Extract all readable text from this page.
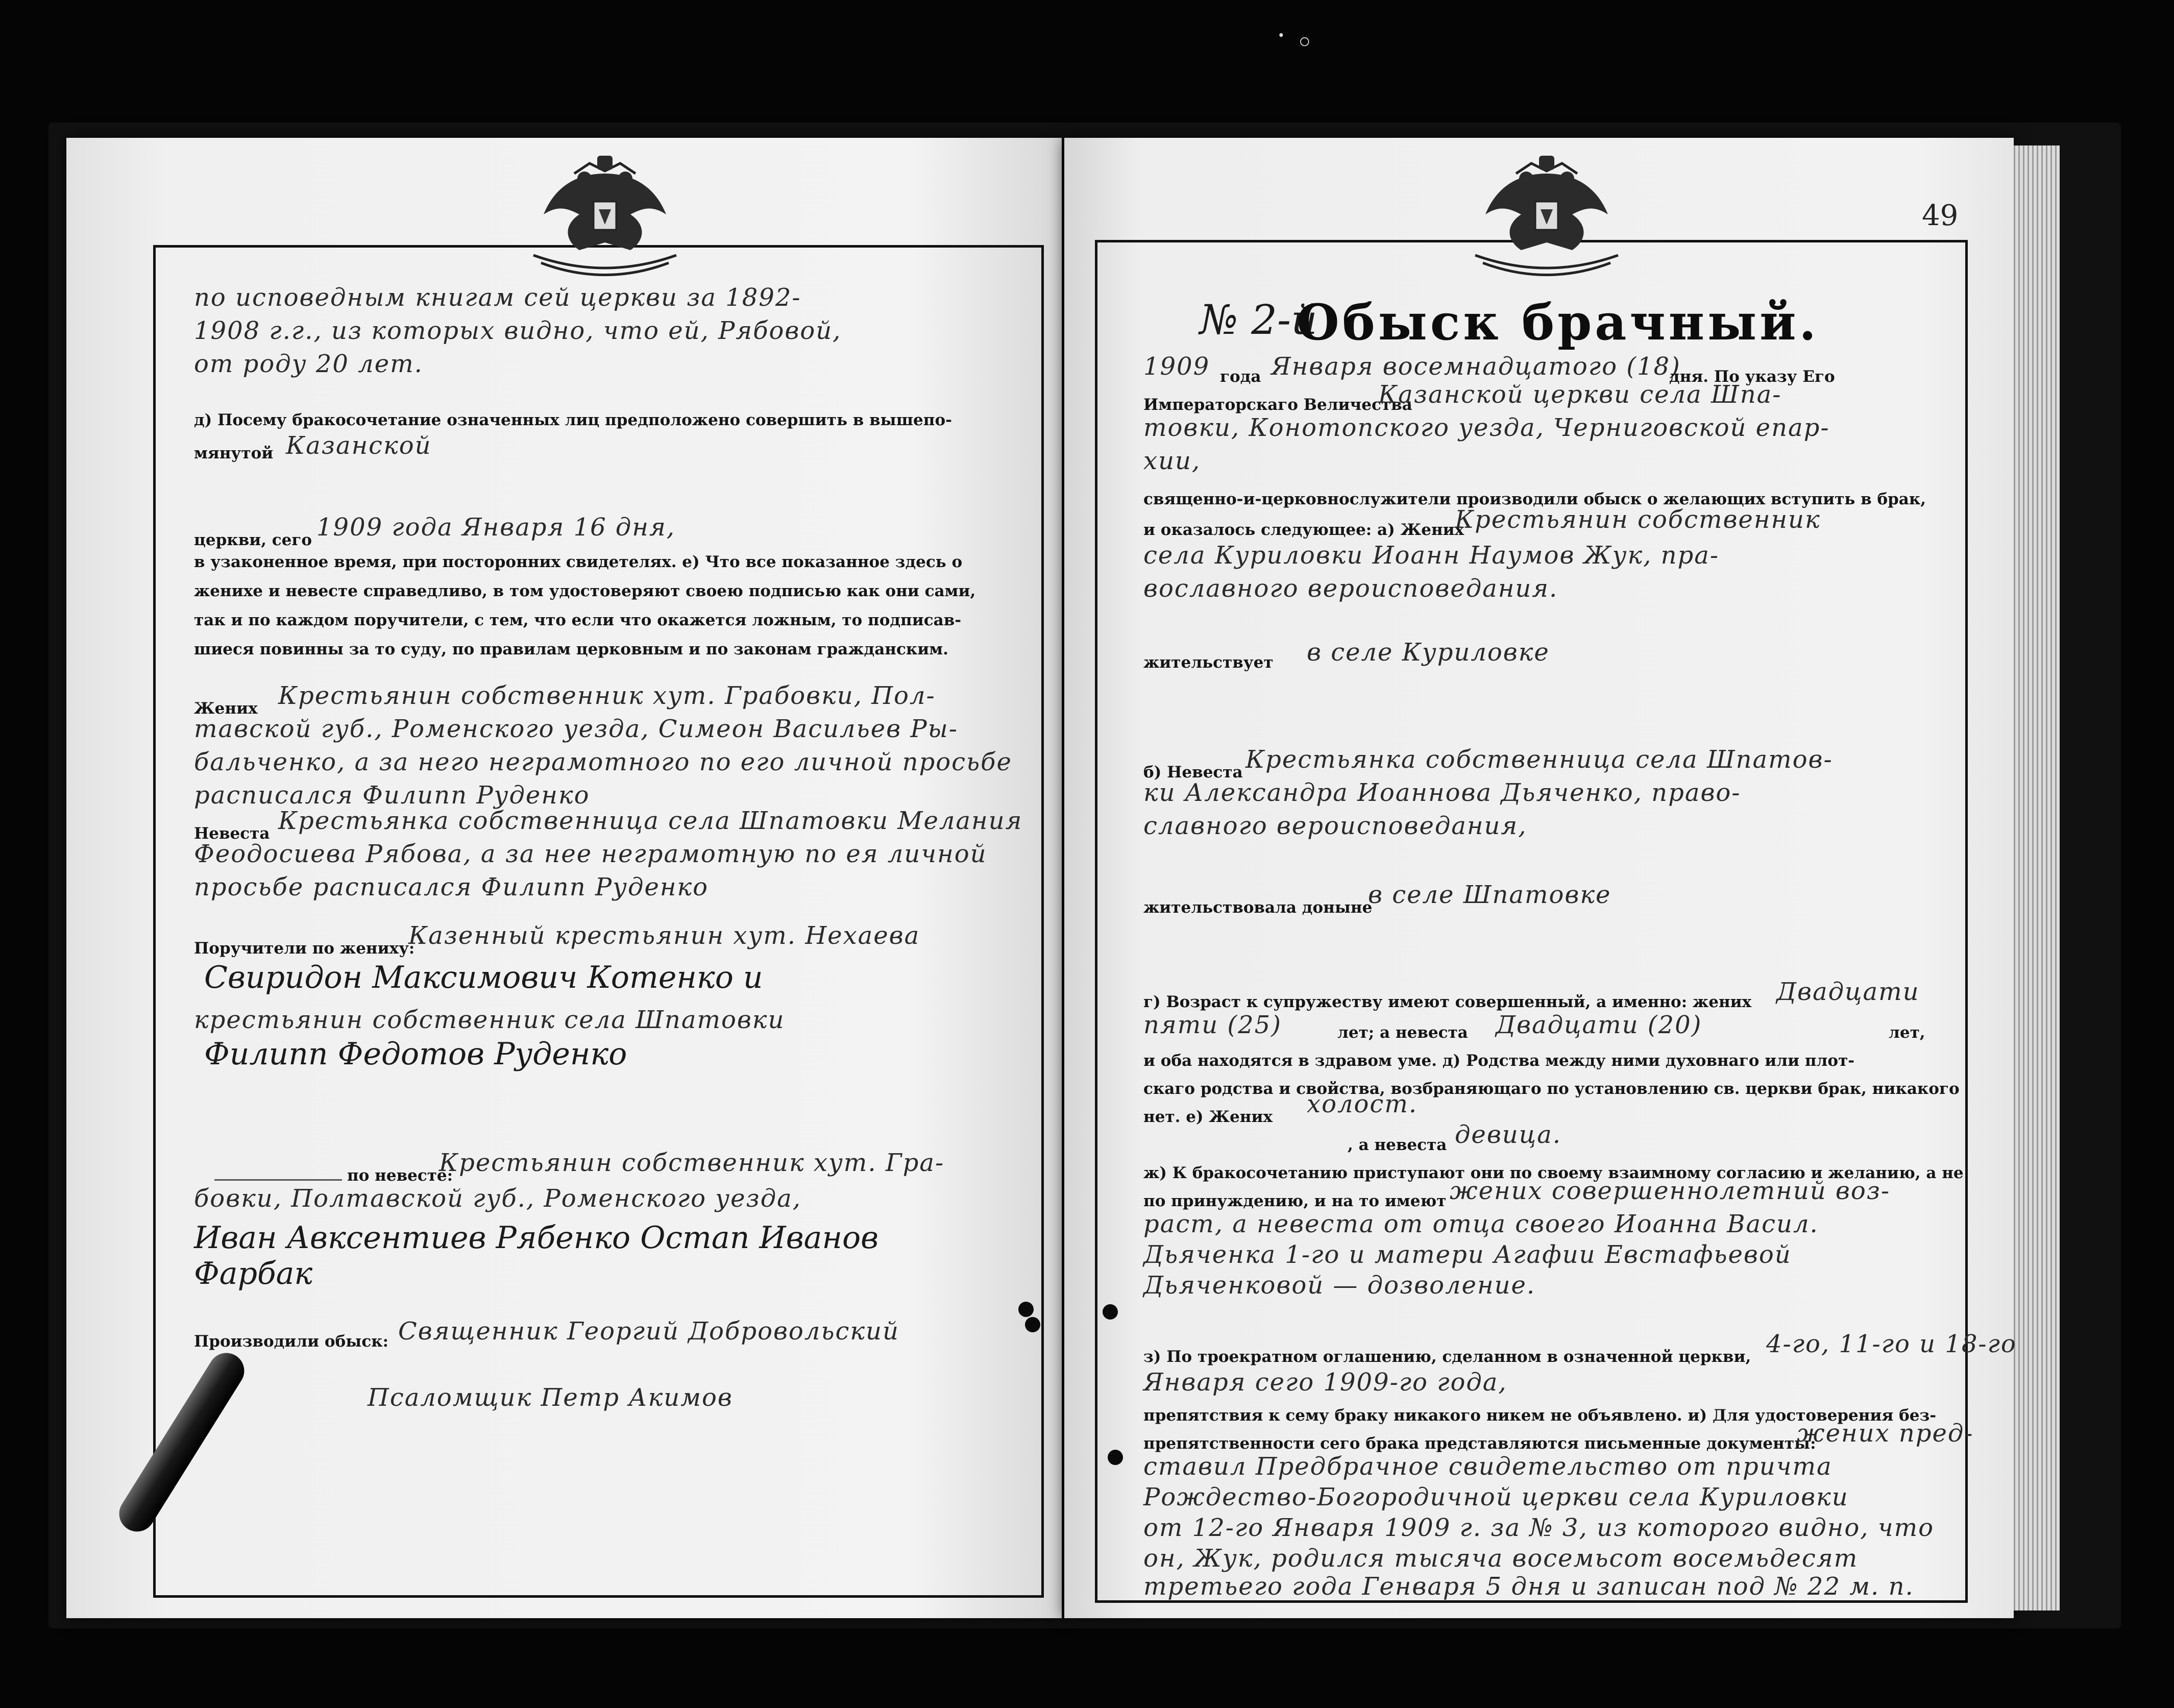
ॱ ◦
по исповедным книгам сей церкви за 1892-
1908 г.г., из которых видно, что ей, Рябовой,
от роду 20 лет.
д) Посему бракосочетание означенных лиц предположено совершить в вышепо-
мянутой Казанской
церкви, сего 1909 года Января 16 дня,
в узаконенное время, при посторонних свидетелях. е) Что все показанное здесь о
женихе и невесте справедливо, в том удостоверяют своею подписью как они сами,
так и по каждом поручители, с тем, что если что окажется ложным, то подписав-
шиеся повинны за то суду, по правилам церковным и по законам гражданским.
Жених Крестьянин собственник хут. Грабовки, Пол-
тавской губ., Роменского уезда, Симеон Васильев Ры-
бальченко, а за него неграмотного по его личной просьбе
расписался Филипп Руденко
Невеста Крестьянка собственница села Шпатовки Мелания
Феодосиева Рябова, а за нее неграмотную по ея личной
просьбе расписался Филипп Руденко
Поручители по жениху:
Казенный крестьянин хут. Нехаева
Свиридон Максимович Котенко и
крестьянин собственник села Шпатовки
Филипп Федотов Руденко
по невесте:
Крестьянин собственник хут. Гра-
бовки, Полтавской губ., Роменского уезда,
Иван Авксентиев Рябенко Остап Иванов
Фарбак
Производили обыск: Священник Георгий Добровольский
Псаломщик Петр Акимов
49
№ 2-й
Обыск брачный.
1909 года Января восемнадцатого (18)
дня. По указу Его
Императорскаго Величества
Казанской церкви села Шпа-
товки, Конотопского уезда, Черниговской епар-
хии,
священно-и-церковнослужители производили обыск о желающих вступить в брак,
и оказалось следующее: а) Жених
Крестьянин собственник
села Куриловки Иоанн Наумов Жук, пра-
вославного вероисповедания.
жительствует в селе Куриловке
б) Невеста Крестьянка собственница села Шпатов-
ки Александра Иоаннова Дьяченко, право-
славного вероисповедания,
жительствовала доныне
в селе Шпатовке
г) Возраст к супружеству имеют совершенный, а именно: жених Двадцати
пяти (25)	лет; а невеста Двадцати (20)	лет,
и оба находятся в здравом уме. д) Родства между ними духовнаго или плот-
скаго родства и свойства, возбраняющаго по установлению св. церкви брак, никакого
нет. е) Жених холост.
, а невеста девица.
ж) К бракосочетанию приступают они по своему взаимному согласию и желанию, а не
по принуждению, и на то имеют жених совершеннолетний воз-
раст, а невеста от отца своего Иоанна Васил.
Дьяченка 1-го и матери Агафии Евстафьевой
Дьяченковой — дозволение.
з) По троекратном оглашению, сделанном в означенной церкви, 4-го, 11-го и 18-го
Января сего 1909-го года,
препятствия к сему браку никакого никем не объявлено. и) Для удостоверения без-
препятственности сего брака представляются письменные документы:
жених пред-
ставил Предбрачное свидетельство от причта
Рождество-Богородичной церкви села Куриловки
от 12-го Января 1909 г. за № 3, из которого видно, что
он, Жук, родился тысяча восемьсот восемьдесят
третьего года Генваря 5 дня и записан под № 22 м. п.
